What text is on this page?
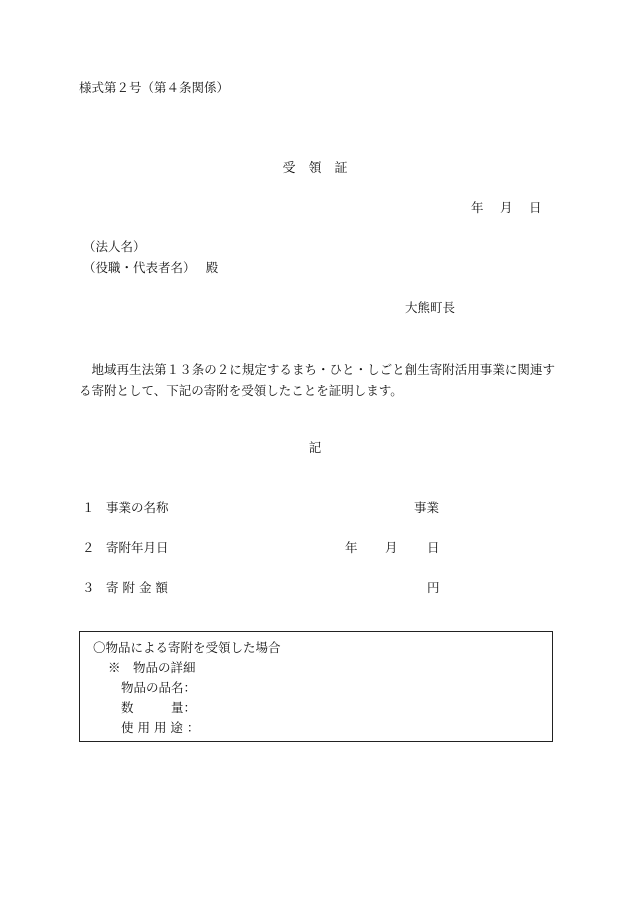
様式第２号（第４条関係）
受　領　証
年　 月　 日
（法人名）
（役職・代表者名）　 殿
大熊町長
地域再生法第１３条の２に規定するまち・ひと・しごと創生寄附活用事業に関連する寄附として、下記の寄附を受領したことを証明します。
記
１ 事業の名称	事業
２ 寄附年月日	年 月 日
３ 寄 附 金 額	円
〇物品による寄附を受領した場合
※　物品の詳細
物品の品名：
数　　　量：
使 用 用 途 ：
